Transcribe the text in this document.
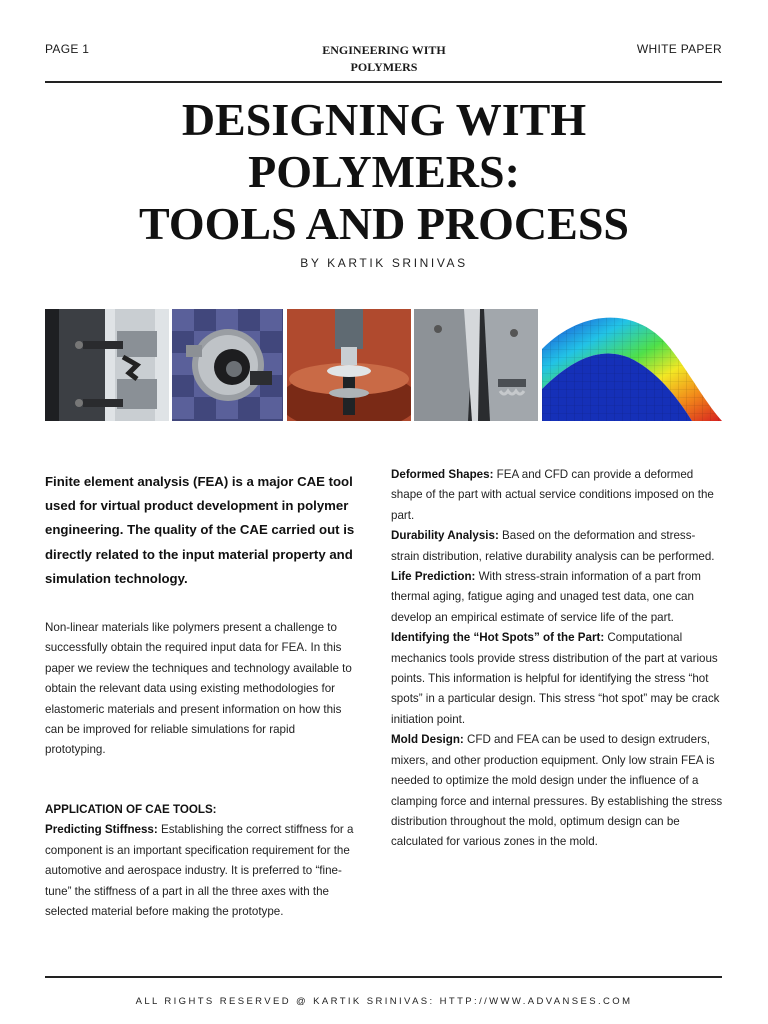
PAGE 1	ENGINEERING WITH
POLYMERS
WHITE PAPER
DESIGNING WITH
POLYMERS:
TOOLS AND PROCESS
BY KARTIK SRINIVAS
Finite element analysis (FEA) is a major CAE tool used for virtual product development in polymer engineering. The quality of the CAE carried out is directly related to the input material property and simulation technology.
Non-linear materials like polymers present a challenge to successfully obtain the required input data for FEA. In this paper we review the techniques and technology available to obtain the relevant data using existing methodologies for elastomeric materials and present information on how this can be improved for reliable simulations for rapid prototyping.
APPLICATION OF CAE TOOLS:
Predicting Stiffness: Establishing the correct stiffness for a component is an important specification requirement for the automotive and aerospace industry. It is preferred to “fine-tune” the stiffness of a part in all the three axes with the selected material before making the prototype.
Deformed Shapes: FEA and CFD can provide a deformed shape of the part with actual service conditions imposed on the part.
Durability Analysis: Based on the deformation and stress-strain distribution, relative durability analysis can be performed.
Life Prediction: With stress-strain information of a part from thermal aging, fatigue aging and unaged test data, one can develop an empirical estimate of service life of the part.
Identifying the “Hot Spots” of the Part: Computational mechanics tools provide stress distribution of the part at various points. This information is helpful for identifying the stress “hot spots” in a particular design. This stress “hot spot” may be crack initiation point.
Mold Design: CFD and FEA can be used to design extruders, mixers, and other production equipment. Only low strain FEA is needed to optimize the mold design under the influence of a clamping force and internal pressures. By establishing the stress distribution throughout the mold, optimum design can be calculated for various zones in the mold.
ALL RIGHTS RESERVED @ KARTIK SRINIVAS: HTTP://WWW.ADVANSES.COM
